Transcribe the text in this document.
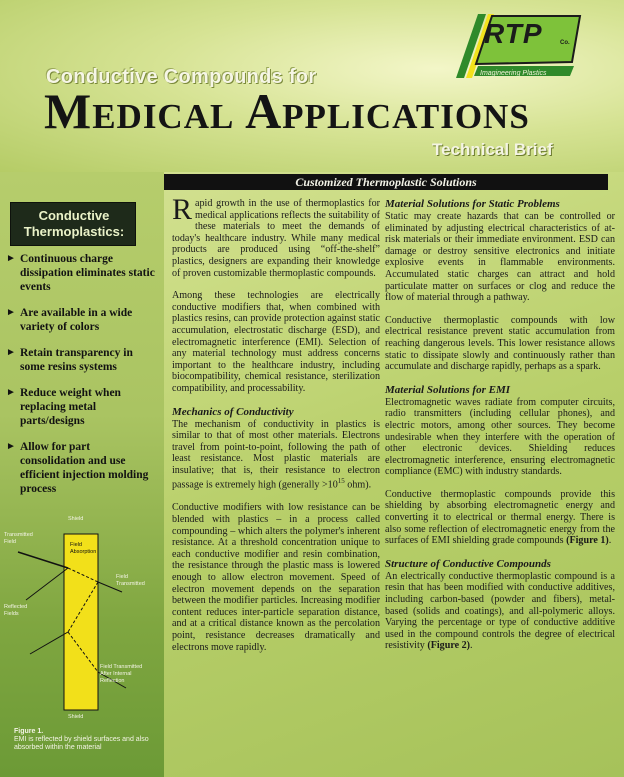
Conductive Compounds for
Medical Applications
Technical Brief
RTP	Co.
Imagineering Plastics
Conductive Thermoplastics:
► Continuous charge dissipation eliminates static events
► Are available in a wide variety of colors
► Retain transparency in some resins systems
► Reduce weight when replacing metal parts/designs
► Allow for part consolidation and use efficient injection molding process
Shield
Transmitted
Field	Field
Absorption
Field
Transmitted
Reflected
Fields
Field Transmitted
After Internal
Reflection
Shield
Figure 1.
EMI is reflected by shield surfaces and also absorbed within the material
Customized Thermoplastic Solutions

Rapid growth in the use of thermoplastics for medical applications reflects the suitability of these materials to meet the demands of today's healthcare industry. While many medical products are produced using “off-the-shelf” plastics, designers are expanding their knowledge of proven customizable thermoplastic compounds.

Among these technologies are electrically conductive modifiers that, when combined with plastics resins, can provide protection against static accumulation, electrostatic discharge (ESD), and electromagnetic interference (EMI). Selection of any material technology must address concerns important to the healthcare industry, including biocompatibility, chemical resistance, sterilization compatibility, and processability.

Mechanics of Conductivity

The mechanism of conductivity in plastics is similar to that of most other materials. Electrons travel from point-to-point, following the path of least resistance. Most plastic materials are insulative; that is, their resistance to electron passage is extremely high (generally $>10^{15}$ ohm).

Conductive modifiers with low resistance can be blended with plastics – in a process called compounding – which alters the polymer's inherent resistance. At a threshold concentration unique to each conductive modifier and resin combination, the resistance through the plastic mass is lowered enough to allow electron movement. Speed of electron movement depends on the separation between the modifier particles. Increasing modifier content reduces inter-particle separation distance, and at a critical distance known as the percolation point, resistance decreases dramatically and electrons move rapidly.

Material Solutions for Static Problems

Static may create hazards that can be controlled or eliminated by adjusting electrical characteristics of at-risk materials or their immediate environment. ESD can damage or destroy sensitive electronics and initiate explosive events in flammable environments. Accumulated static charges can attract and hold particulate matter on surfaces or clog and reduce the flow of material through a pathway.

Conductive thermoplastic compounds with low electrical resistance prevent static accumulation from reaching dangerous levels. This lower resistance allows static to dissipate slowly and continuously rather than accumulate and discharge rapidly, perhaps as a spark.

Material Solutions for EMI

Electromagnetic waves radiate from computer circuits, radio transmitters (including cellular phones), and electric motors, among other sources. They become undesirable when they interfere with the operation of other electronic devices. Shielding reduces electromagnetic interference, ensuring electromagnetic compliance (EMC) with industry standards.

Conductive thermoplastic compounds provide this shielding by absorbing electromagnetic energy and converting it to electrical or thermal energy. There is also some reflection of electromagnetic energy from the surfaces of EMI shielding grade compounds (Figure 1).

Structure of Conductive Compounds

An electrically conductive thermoplastic compound is a resin that has been modified with conductive additives, including carbon-based (powder and fibers), metal-based (solids and coatings), and all-polymeric alloys. Varying the percentage or type of conductive additive used in the compound controls the degree of electrical resistivity (Figure 2).
